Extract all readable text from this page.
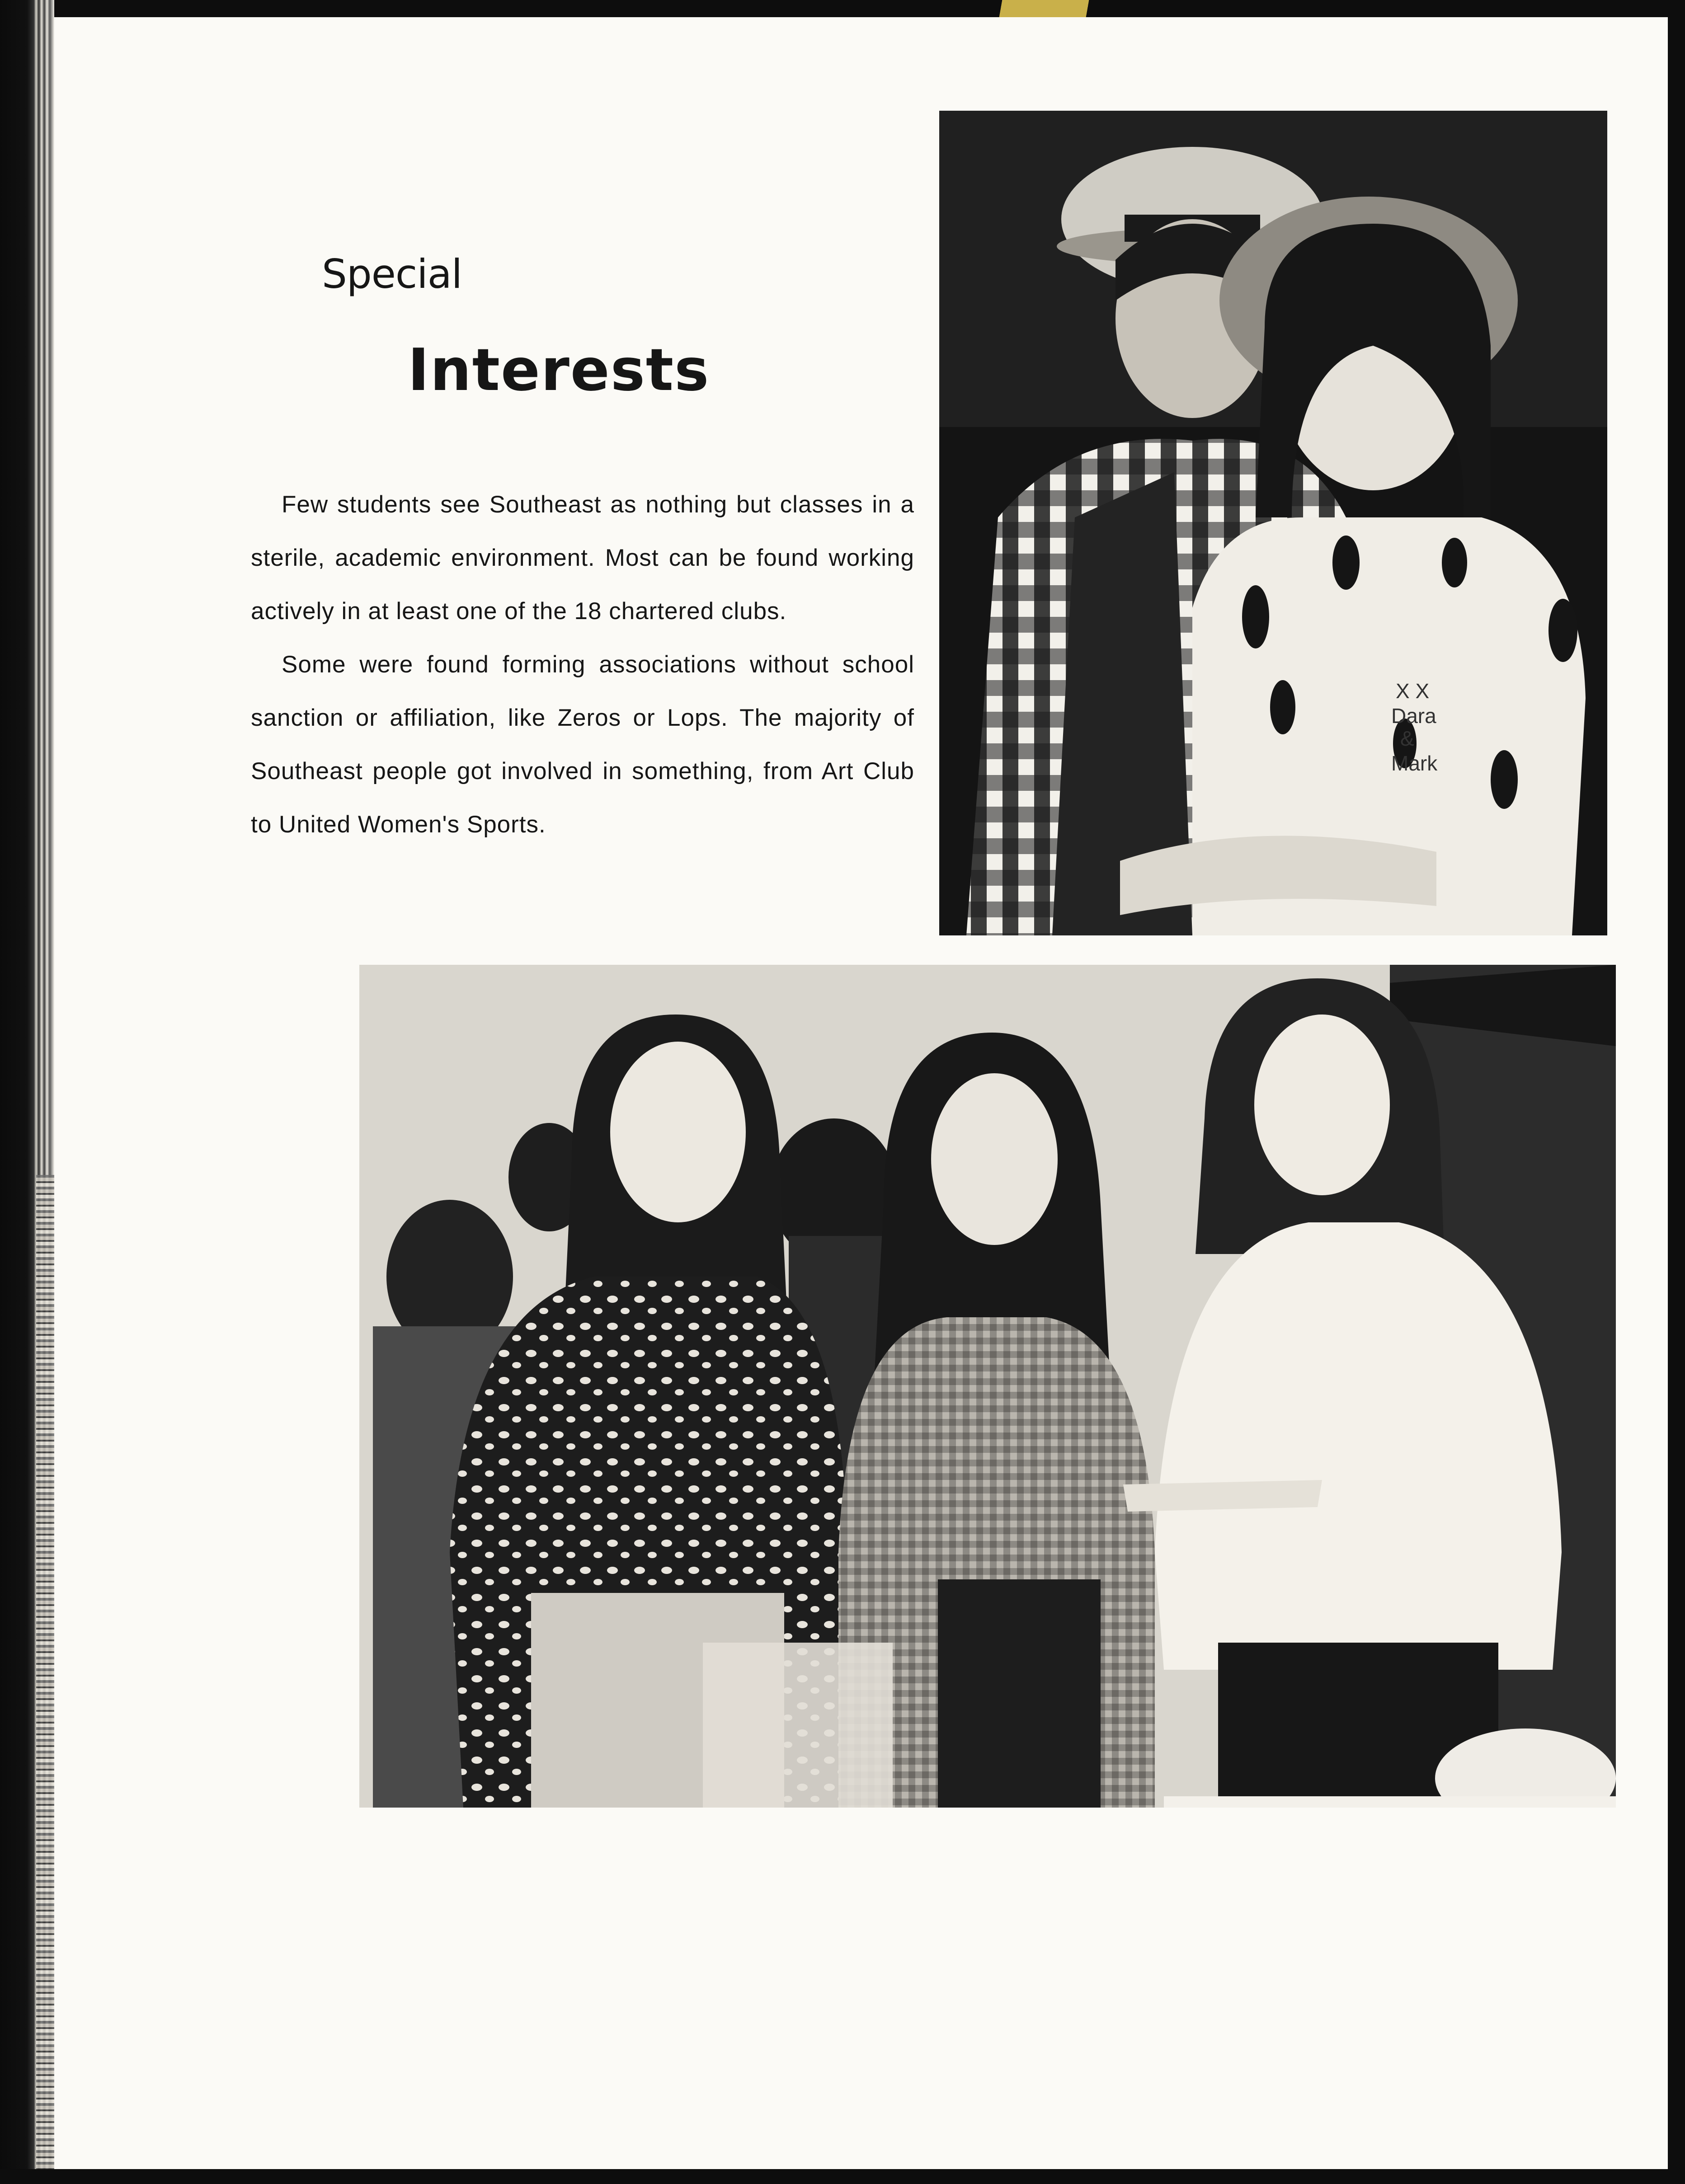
Special
Interests

Few students see Southeast as nothing but classes in a sterile, academic environment. Most can be found working actively in at least one of the 18 chartered clubs.

Some were found forming associations without school sanction or affiliation, like Zeros or Lops. The majority of Southeast people got involved in something, from Art Club to United Women's Sports.

X X
Dara
&
Mark
